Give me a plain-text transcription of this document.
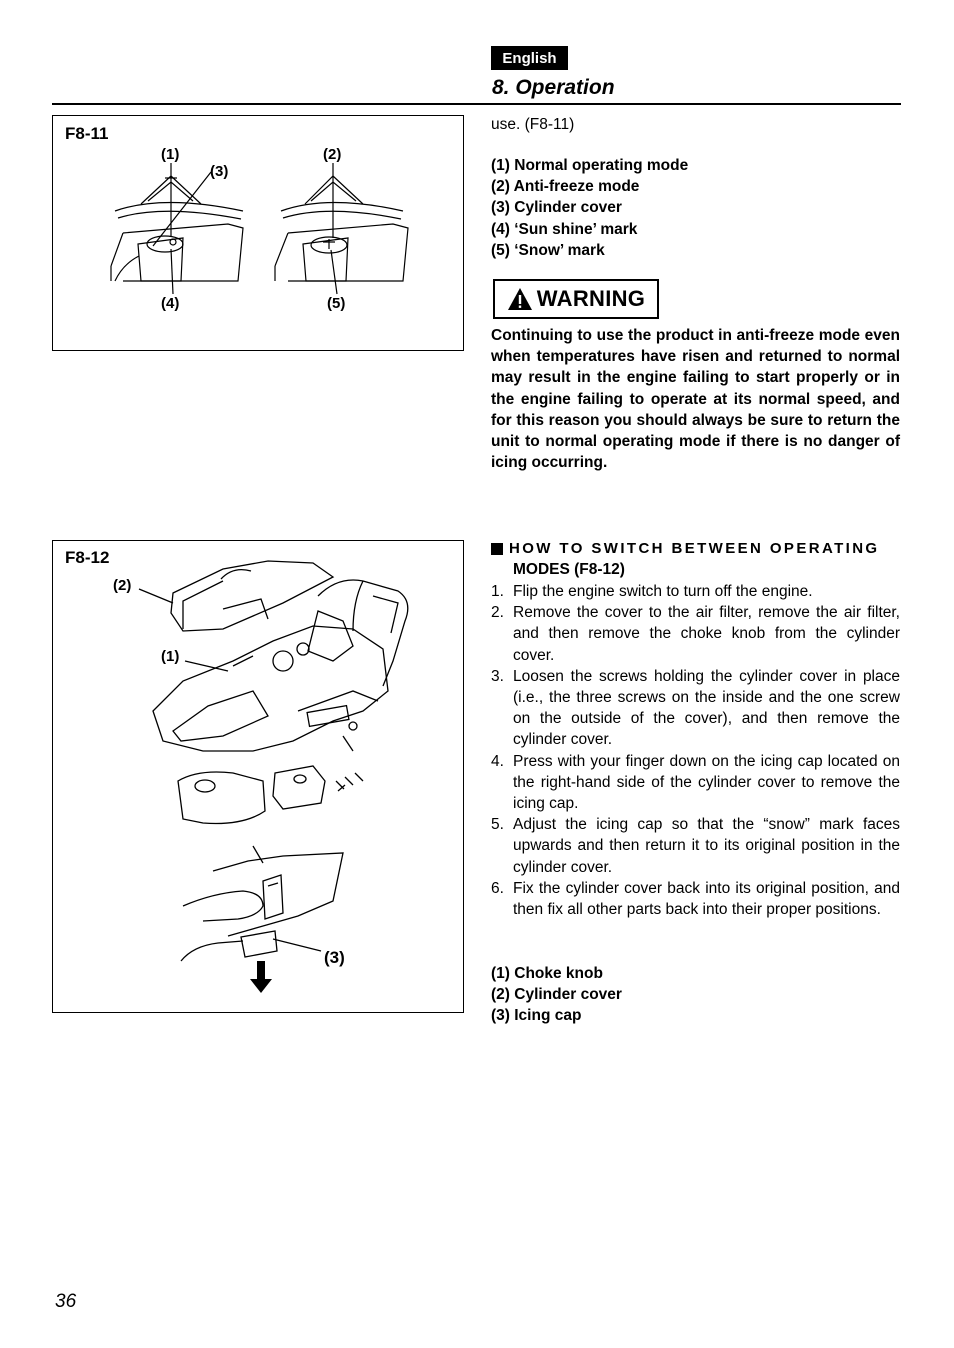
English
8. Operation
F8-11
(1)	(2)
(3)
(4)	(5)
F8-12
(2)
(1)
(3)
use. (F8-11)
(1) Normal operating mode
(2) Anti-freeze mode
(3) Cylinder cover
(4) ‘Sun shine’ mark
(5) ‘Snow’ mark
WARNING
Continuing to use the product in anti-freeze mode even when temperatures have risen and returned to normal may result in the engine failing to start properly or in the engine failing to operate at its normal speed, and for this reason you should always be sure to return the unit to normal operating mode if there is no danger of icing occurring.
HOW TO SWITCH BETWEEN OPERATING
MODES (F8-12)
1. Flip the engine switch to turn off the engine.
2. Remove the cover to the air filter, remove the air filter, and then remove the choke knob from the cylinder cover.
3. Loosen the screws holding the cylinder cover in place (i.e., the three screws on the inside and the one screw on the outside of the cover), and then remove the cylinder cover.
4. Press with your finger down on the icing cap located on the right-hand side of the cylinder cover to remove the icing cap.
5. Adjust the icing cap so that the “snow” mark faces upwards and then return it to its original position in the cylinder cover.
6. Fix the cylinder cover back into its original position, and then fix all other parts back into their proper positions.
(1) Choke knob
(2) Cylinder cover
(3) Icing cap
36
